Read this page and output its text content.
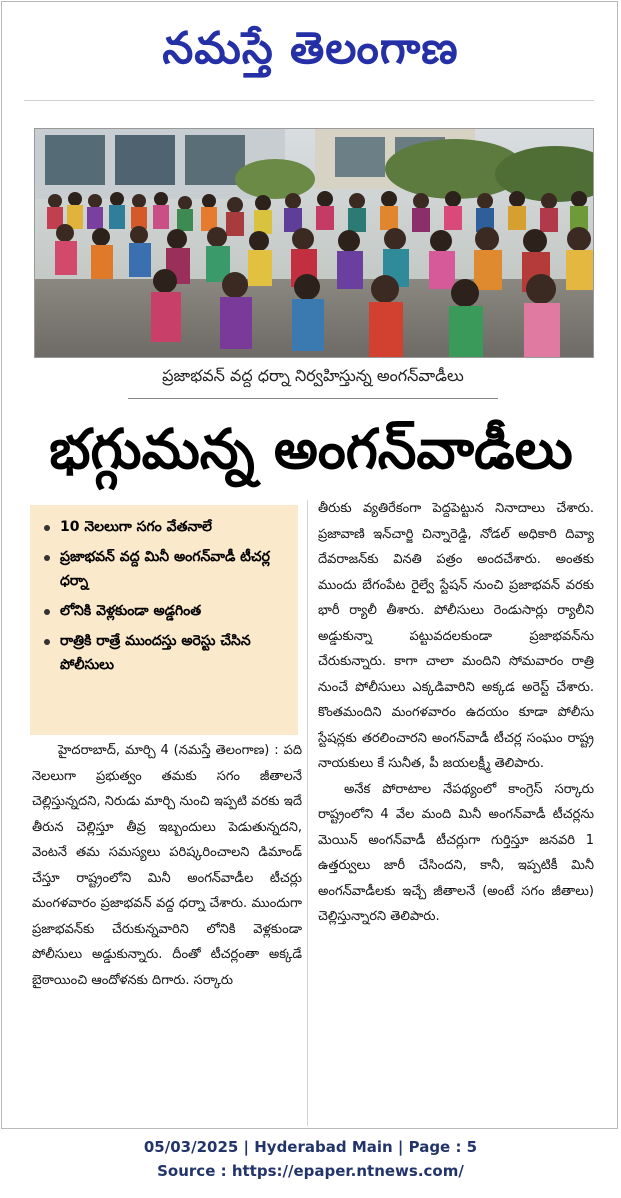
నమస్తే తెలంగాణ
ప్రజాభవన్ వద్ద ధర్నా నిర్వహిస్తున్న అంగన్‌వాడీలు
భగ్గుమన్న అంగన్‌వాడీలు
10 నెలలుగా సగం వేతనాలే
ప్రజాభవన్ వద్ద మినీ అంగన్‌వాడీ టీచర్ల ధర్నా
లోనికి వెళ్లకుండా అడ్డగింత
రాత్రికి రాత్రే ముందస్తు అరెస్టు చేసిన పోలీసులు

హైదరాబాద్, మార్చి 4 (నమస్తే తెలంగాణ) : పది నెలలుగా ప్రభుత్వం తమకు సగం జీతాలనే చెల్లిస్తున్నదని, నిరుడు మార్చి నుంచి ఇప్పటి వరకు ఇదే తీరున చెల్లిస్తూ తీవ్ర ఇబ్బందులు పెడుతున్నదని, వెంటనే తమ సమస్యలు పరిష్కరించాలని డిమాండ్ చేస్తూ రాష్ట్రంలోని మినీ అంగన్‌వాడీల టీచర్లు మంగళవారం ప్రజాభవన్ వద్ద ధర్నా చేశారు. ముందుగా ప్రజాభవన్‌కు చేరుకున్నవారిని లోనికి వెళ్లకుండా పోలీసులు అడ్డుకున్నారు. దీంతో టీచర్లంతా అక్కడే బైఠాయించి ఆందోళనకు దిగారు. సర్కారు

తీరుకు వ్యతిరేకంగా పెద్దపెట్టున నినాదాలు చేశారు. ప్రజావాణి ఇన్‌చార్జి చిన్నారెడ్డి, నోడల్ అధికారి దివ్యా దేవరాజన్‌కు వినతి పత్రం అందచేశారు. అంతకు ముందు బేగంపేట రైల్వే స్టేషన్ నుంచి ప్రజాభవన్ వరకు భారీ ర్యాలీ తీశారు. పోలీసులు రెండుసార్లు ర్యాలీని అడ్డుకున్నా పట్టువదలకుండా ప్రజాభవన్‌ను చేరుకున్నారు. కాగా చాలా మందిని సోమవారం రాత్రి నుంచే పోలీసులు ఎక్కడివారిని అక్కడ అరెస్ట్ చేశారు. కొంతమందిని మంగళవారం ఉదయం కూడా పోలీసు స్టేషన్లకు తరలించారని అంగన్‌వాడీ టీచర్ల సంఘం రాష్ట్ర నాయకులు కే సునీత, పీ జయలక్ష్మీ తెలిపారు.

అనేక పోరాటాల నేపథ్యంలో కాంగ్రెస్ సర్కారు రాష్ట్రంలోని 4 వేల మంది మినీ అంగన్‌వాడీ టీచర్లను మెయిన్ అంగన్‌వాడీ టీచర్లుగా గుర్తిస్తూ జనవరి 1 ఉత్తర్వులు జారీ చేసిందని, కానీ, ఇప్పటికీ మినీ అంగన్‌వాడీలకు ఇచ్చే జీతాలనే (అంటే సగం జీతాలు) చెల్లిస్తున్నారని తెలిపారు.

05/03/2025 | Hyderabad Main | Page : 5
Source : https://epaper.ntnews.com/
